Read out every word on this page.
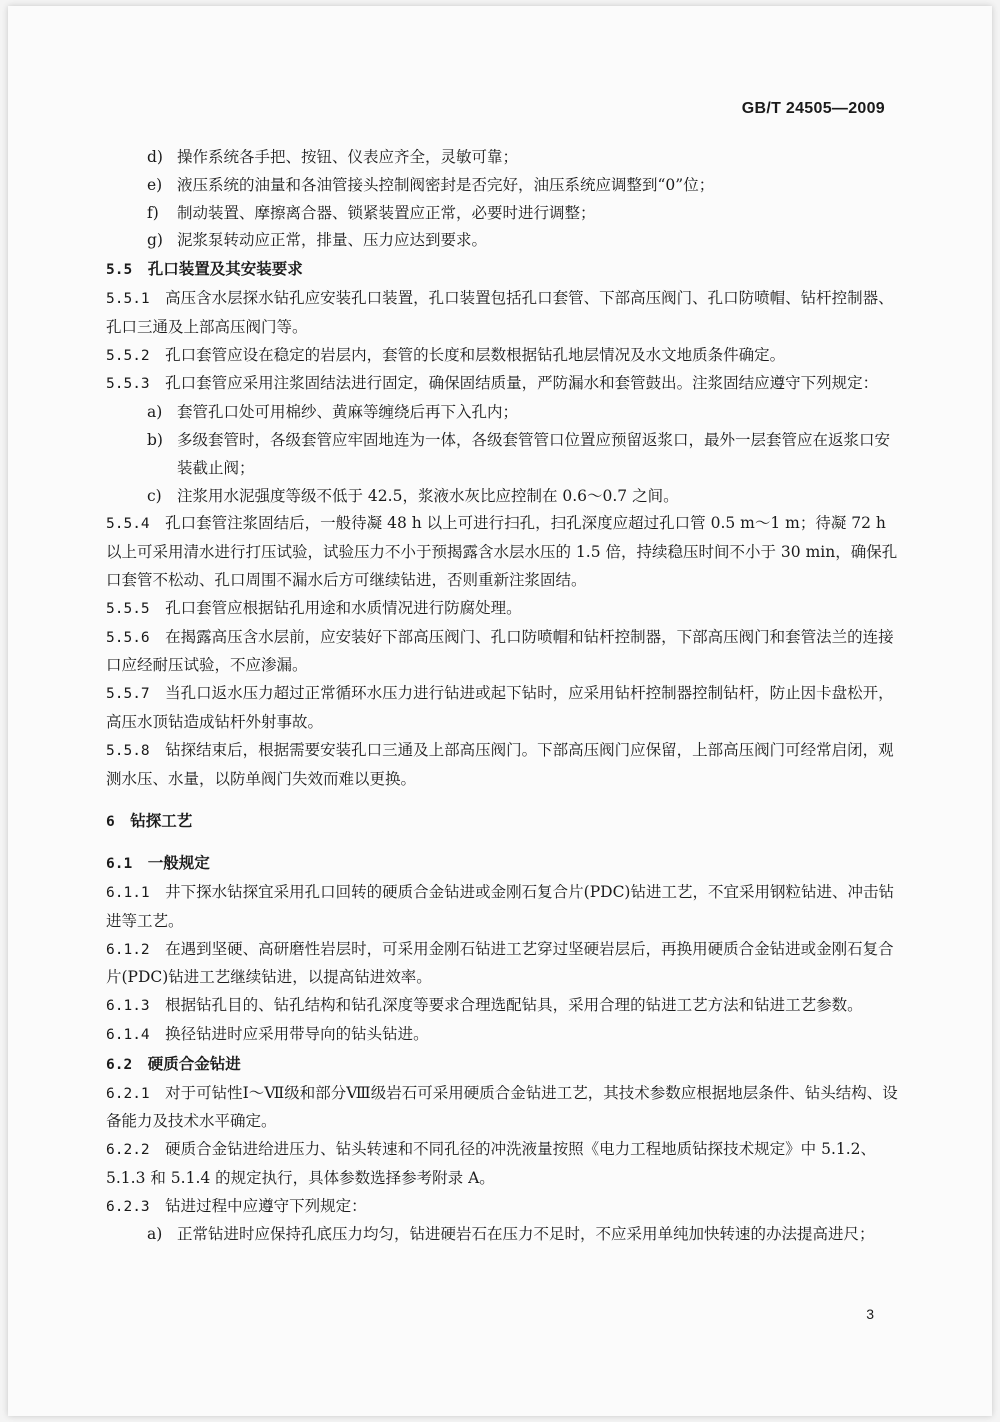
GB/T 24505—2009
d) 操作系统各手把、按钮、仪表应齐全，灵敏可靠；
e) 液压系统的油量和各油管接头控制阀密封是否完好，油压系统应调整到“0”位；
f) 制动装置、摩擦离合器、锁紧装置应正常，必要时进行调整；
g) 泥浆泵转动应正常，排量、压力应达到要求。
5.5　 孔口装置及其安装要求
5.5.1　 高压含水层探水钻孔应安装孔口装置，孔口装置包括孔口套管、下部高压阀门、孔口防喷帽、钻杆控制器、孔口三通及上部高压阀门等。
5.5.2　 孔口套管应设在稳定的岩层内，套管的长度和层数根据钻孔地层情况及水文地质条件确定。
5.5.3　 孔口套管应采用注浆固结法进行固定，确保固结质量，严防漏水和套管鼓出。注浆固结应遵守下列规定：
a) 套管孔口处可用棉纱、黄麻等缠绕后再下入孔内；
b) 多级套管时，各级套管应牢固地连为一体，各级套管管口位置应预留返浆口，最外一层套管应在返浆口安装截止阀；
c) 注浆用水泥强度等级不低于 42.5，浆液水灰比应控制在 0.6～0.7 之间。
5.5.4　 孔口套管注浆固结后，一般待凝 48 h 以上可进行扫孔，扫孔深度应超过孔口管 0.5 m～1 m；待凝 72 h 以上可采用清水进行打压试验，试验压力不小于预揭露含水层水压的 1.5 倍，持续稳压时间不小于 30 min，确保孔口套管不松动、孔口周围不漏水后方可继续钻进，否则重新注浆固结。
5.5.5　 孔口套管应根据钻孔用途和水质情况进行防腐处理。
5.5.6　 在揭露高压含水层前，应安装好下部高压阀门、孔口防喷帽和钻杆控制器，下部高压阀门和套管法兰的连接口应经耐压试验，不应渗漏。
5.5.7　 当孔口返水压力超过正常循环水压力进行钻进或起下钻时，应采用钻杆控制器控制钻杆，防止因卡盘松开，高压水顶钻造成钻杆外射事故。
5.5.8　 钻探结束后，根据需要安装孔口三通及上部高压阀门。下部高压阀门应保留，上部高压阀门可经常启闭，观测水压、水量，以防单阀门失效而难以更换。
6　 钻探工艺
6.1　 一般规定
6.1.1　 井下探水钻探宜采用孔口回转的硬质合金钻进或金刚石复合片(PDC)钻进工艺，不宜采用钢粒钻进、冲击钻进等工艺。
6.1.2　 在遇到坚硬、高研磨性岩层时，可采用金刚石钻进工艺穿过坚硬岩层后，再换用硬质合金钻进或金刚石复合片(PDC)钻进工艺继续钻进，以提高钻进效率。
6.1.3　 根据钻孔目的、钻孔结构和钻孔深度等要求合理选配钻具，采用合理的钻进工艺方法和钻进工艺参数。
6.1.4　 换径钻进时应采用带导向的钻头钻进。
6.2　 硬质合金钻进
6.2.1　 对于可钻性Ⅰ～Ⅶ级和部分Ⅷ级岩石可采用硬质合金钻进工艺，其技术参数应根据地层条件、钻头结构、设备能力及技术水平确定。
6.2.2　 硬质合金钻进给进压力、钻头转速和不同孔径的冲洗液量按照《电力工程地质钻探技术规定》中 5.1.2、5.1.3 和 5.1.4 的规定执行，具体参数选择参考附录 A。
6.2.3　 钻进过程中应遵守下列规定：
a) 正常钻进时应保持孔底压力均匀，钻进硬岩石在压力不足时，不应采用单纯加快转速的办法提高进尺；
3
